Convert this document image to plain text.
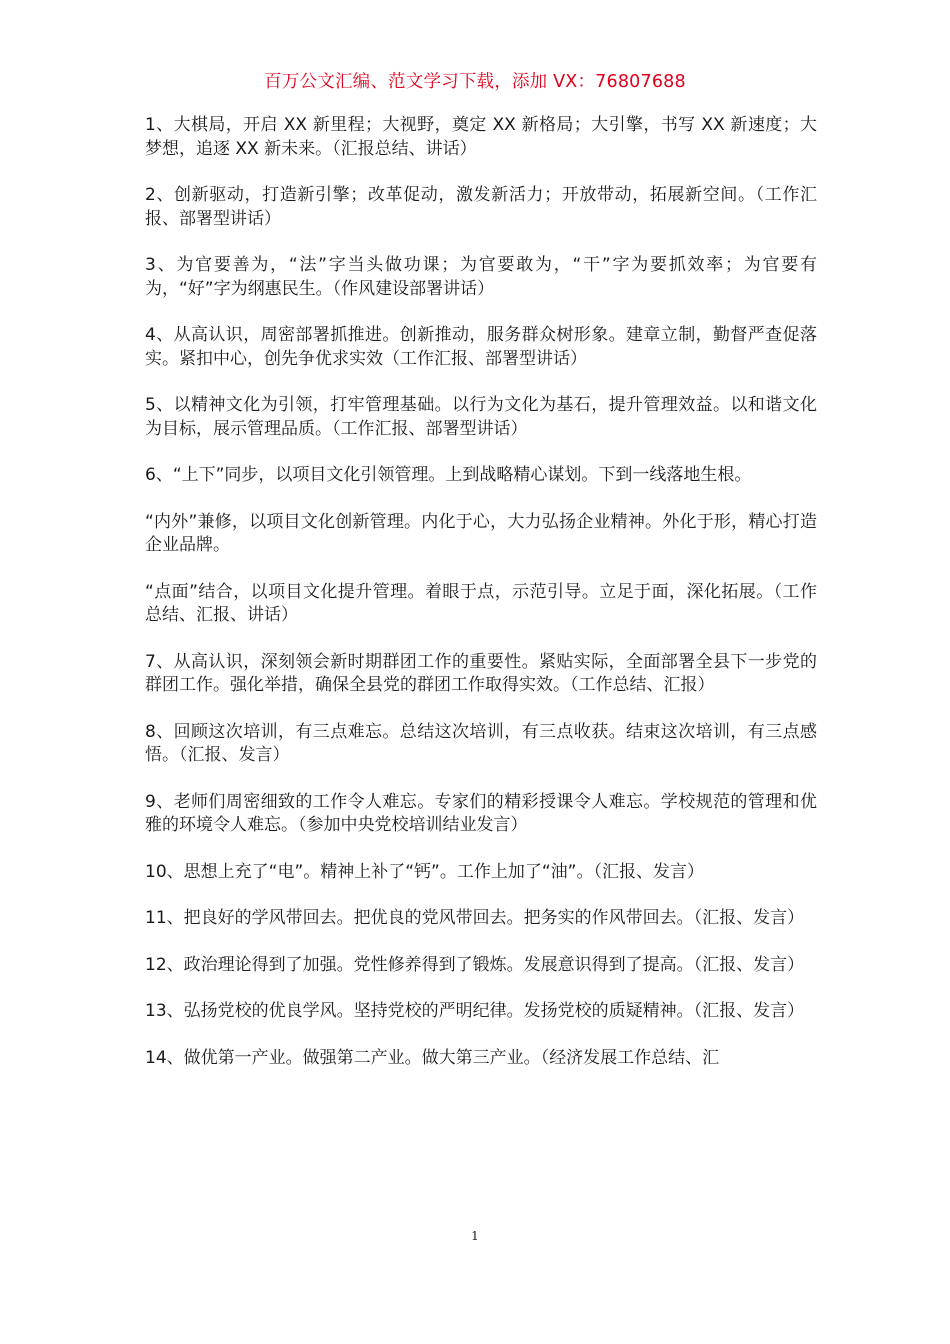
百万公文汇编、范文学习下载，添加 VX：76807688

1、大棋局，开启 XX 新里程；大视野，奠定 XX 新格局；大引擎，书写 XX 新速度；大梦想，追逐 XX 新未来。（汇报总结、讲话）

2、创新驱动，打造新引擎；改革促动，激发新活力；开放带动，拓展新空间。（工作汇报、部署型讲话）

3、为官要善为，“法”字当头做功课；为官要敢为，“干”字为要抓效率；为官要有为，“好”字为纲惠民生。（作风建设部署讲话）

4、从高认识，周密部署抓推进。创新推动，服务群众树形象。建章立制，勤督严查促落实。紧扣中心，创先争优求实效（工作汇报、部署型讲话）

5、以精神文化为引领，打牢管理基础。以行为文化为基石，提升管理效益。以和谐文化为目标，展示管理品质。（工作汇报、部署型讲话）

6、“上下”同步，以项目文化引领管理。上到战略精心谋划。下到一线落地生根。

“内外”兼修，以项目文化创新管理。内化于心，大力弘扬企业精神。外化于形，精心打造企业品牌。

“点面”结合，以项目文化提升管理。着眼于点，示范引导。立足于面，深化拓展。（工作总结、汇报、讲话）

7、从高认识，深刻领会新时期群团工作的重要性。紧贴实际，全面部署全县下一步党的群团工作。强化举措，确保全县党的群团工作取得实效。（工作总结、汇报）

8、回顾这次培训，有三点难忘。总结这次培训，有三点收获。结束这次培训，有三点感悟。（汇报、发言）

9、老师们周密细致的工作令人难忘。专家们的精彩授课令人难忘。学校规范的管理和优雅的环境令人难忘。（参加中央党校培训结业发言）

10、思想上充了“电”。精神上补了“钙”。工作上加了“油”。（汇报、发言）

11、把良好的学风带回去。把优良的党风带回去。把务实的作风带回去。（汇报、发言）

12、政治理论得到了加强。党性修养得到了锻炼。发展意识得到了提高。（汇报、发言）

13、弘扬党校的优良学风。坚持党校的严明纪律。发扬党校的质疑精神。（汇报、发言）

14、做优第一产业。做强第二产业。做大第三产业。（经济发展工作总结、汇

1
